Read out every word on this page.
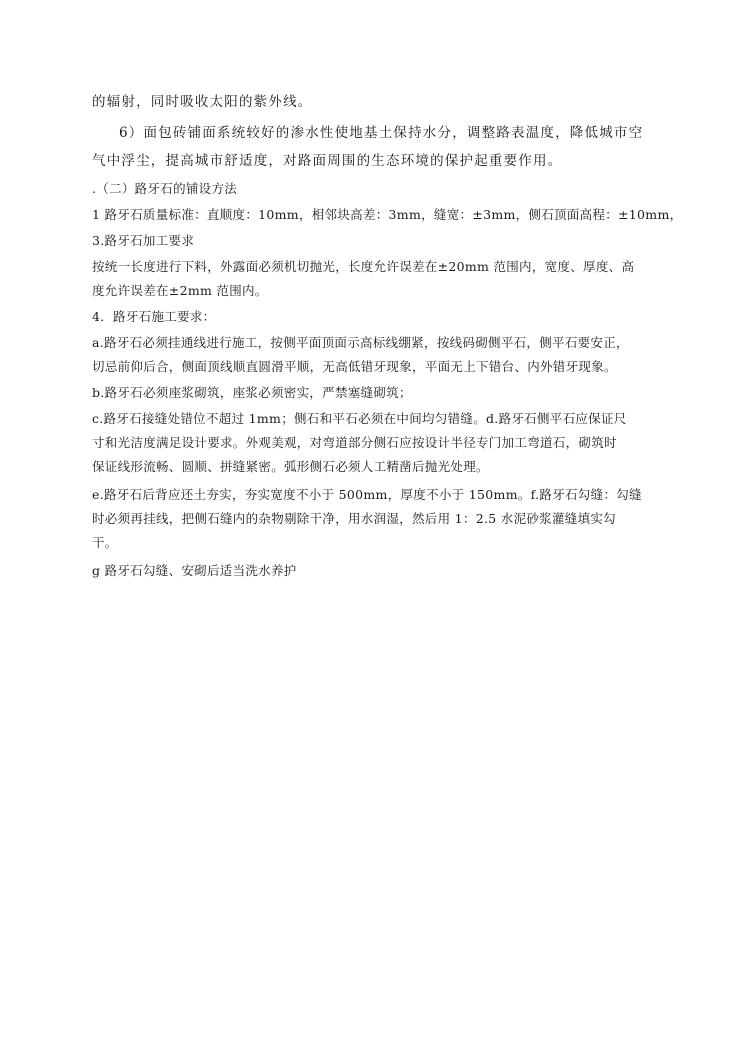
的辐射，同时吸收太阳的紫外线。
6）面包砖铺面系统较好的渗水性使地基土保持水分，调整路表温度，降低城市空
气中浮尘，提高城市舒适度，对路面周围的生态环境的保护起重要作用。
.（二）路牙石的铺设方法
1 路牙石质量标准：直顺度：10mm，相邻块高差：3mm，缝宽：±3mm，侧石顶面高程：±10mm，
3.路牙石加工要求
按统一长度进行下料，外露面必须机切抛光，长度允许误差在±20mm 范围内，宽度、厚度、高
度允许误差在±2mm 范围内。
4．路牙石施工要求：
a.路牙石必须挂通线进行施工，按侧平面顶面示高标线绷紧，按线码砌侧平石，侧平石要安正，
切忌前仰后合，侧面顶线顺直圆滑平顺，无高低错牙现象，平面无上下错台、内外错牙现象。
b.路牙石必须座浆砌筑，座浆必须密实，严禁塞缝砌筑；
c.路牙石接缝处错位不超过 1mm；侧石和平石必须在中间均匀错缝。d.路牙石侧平石应保证尺
寸和光洁度满足设计要求。外观美观，对弯道部分侧石应按设计半径专门加工弯道石，砌筑时
保证线形流畅、圆顺、拼缝紧密。弧形侧石必须人工精凿后抛光处理。
e.路牙石后背应还土夯实，夯实宽度不小于 500mm，厚度不小于 150mm。f.路牙石勾缝：勾缝
时必须再挂线，把侧石缝内的杂物剔除干净，用水润湿，然后用 1：2.5 水泥砂浆灌缝填实勾
干。
g 路牙石勾缝、安砌后适当洗水养护
